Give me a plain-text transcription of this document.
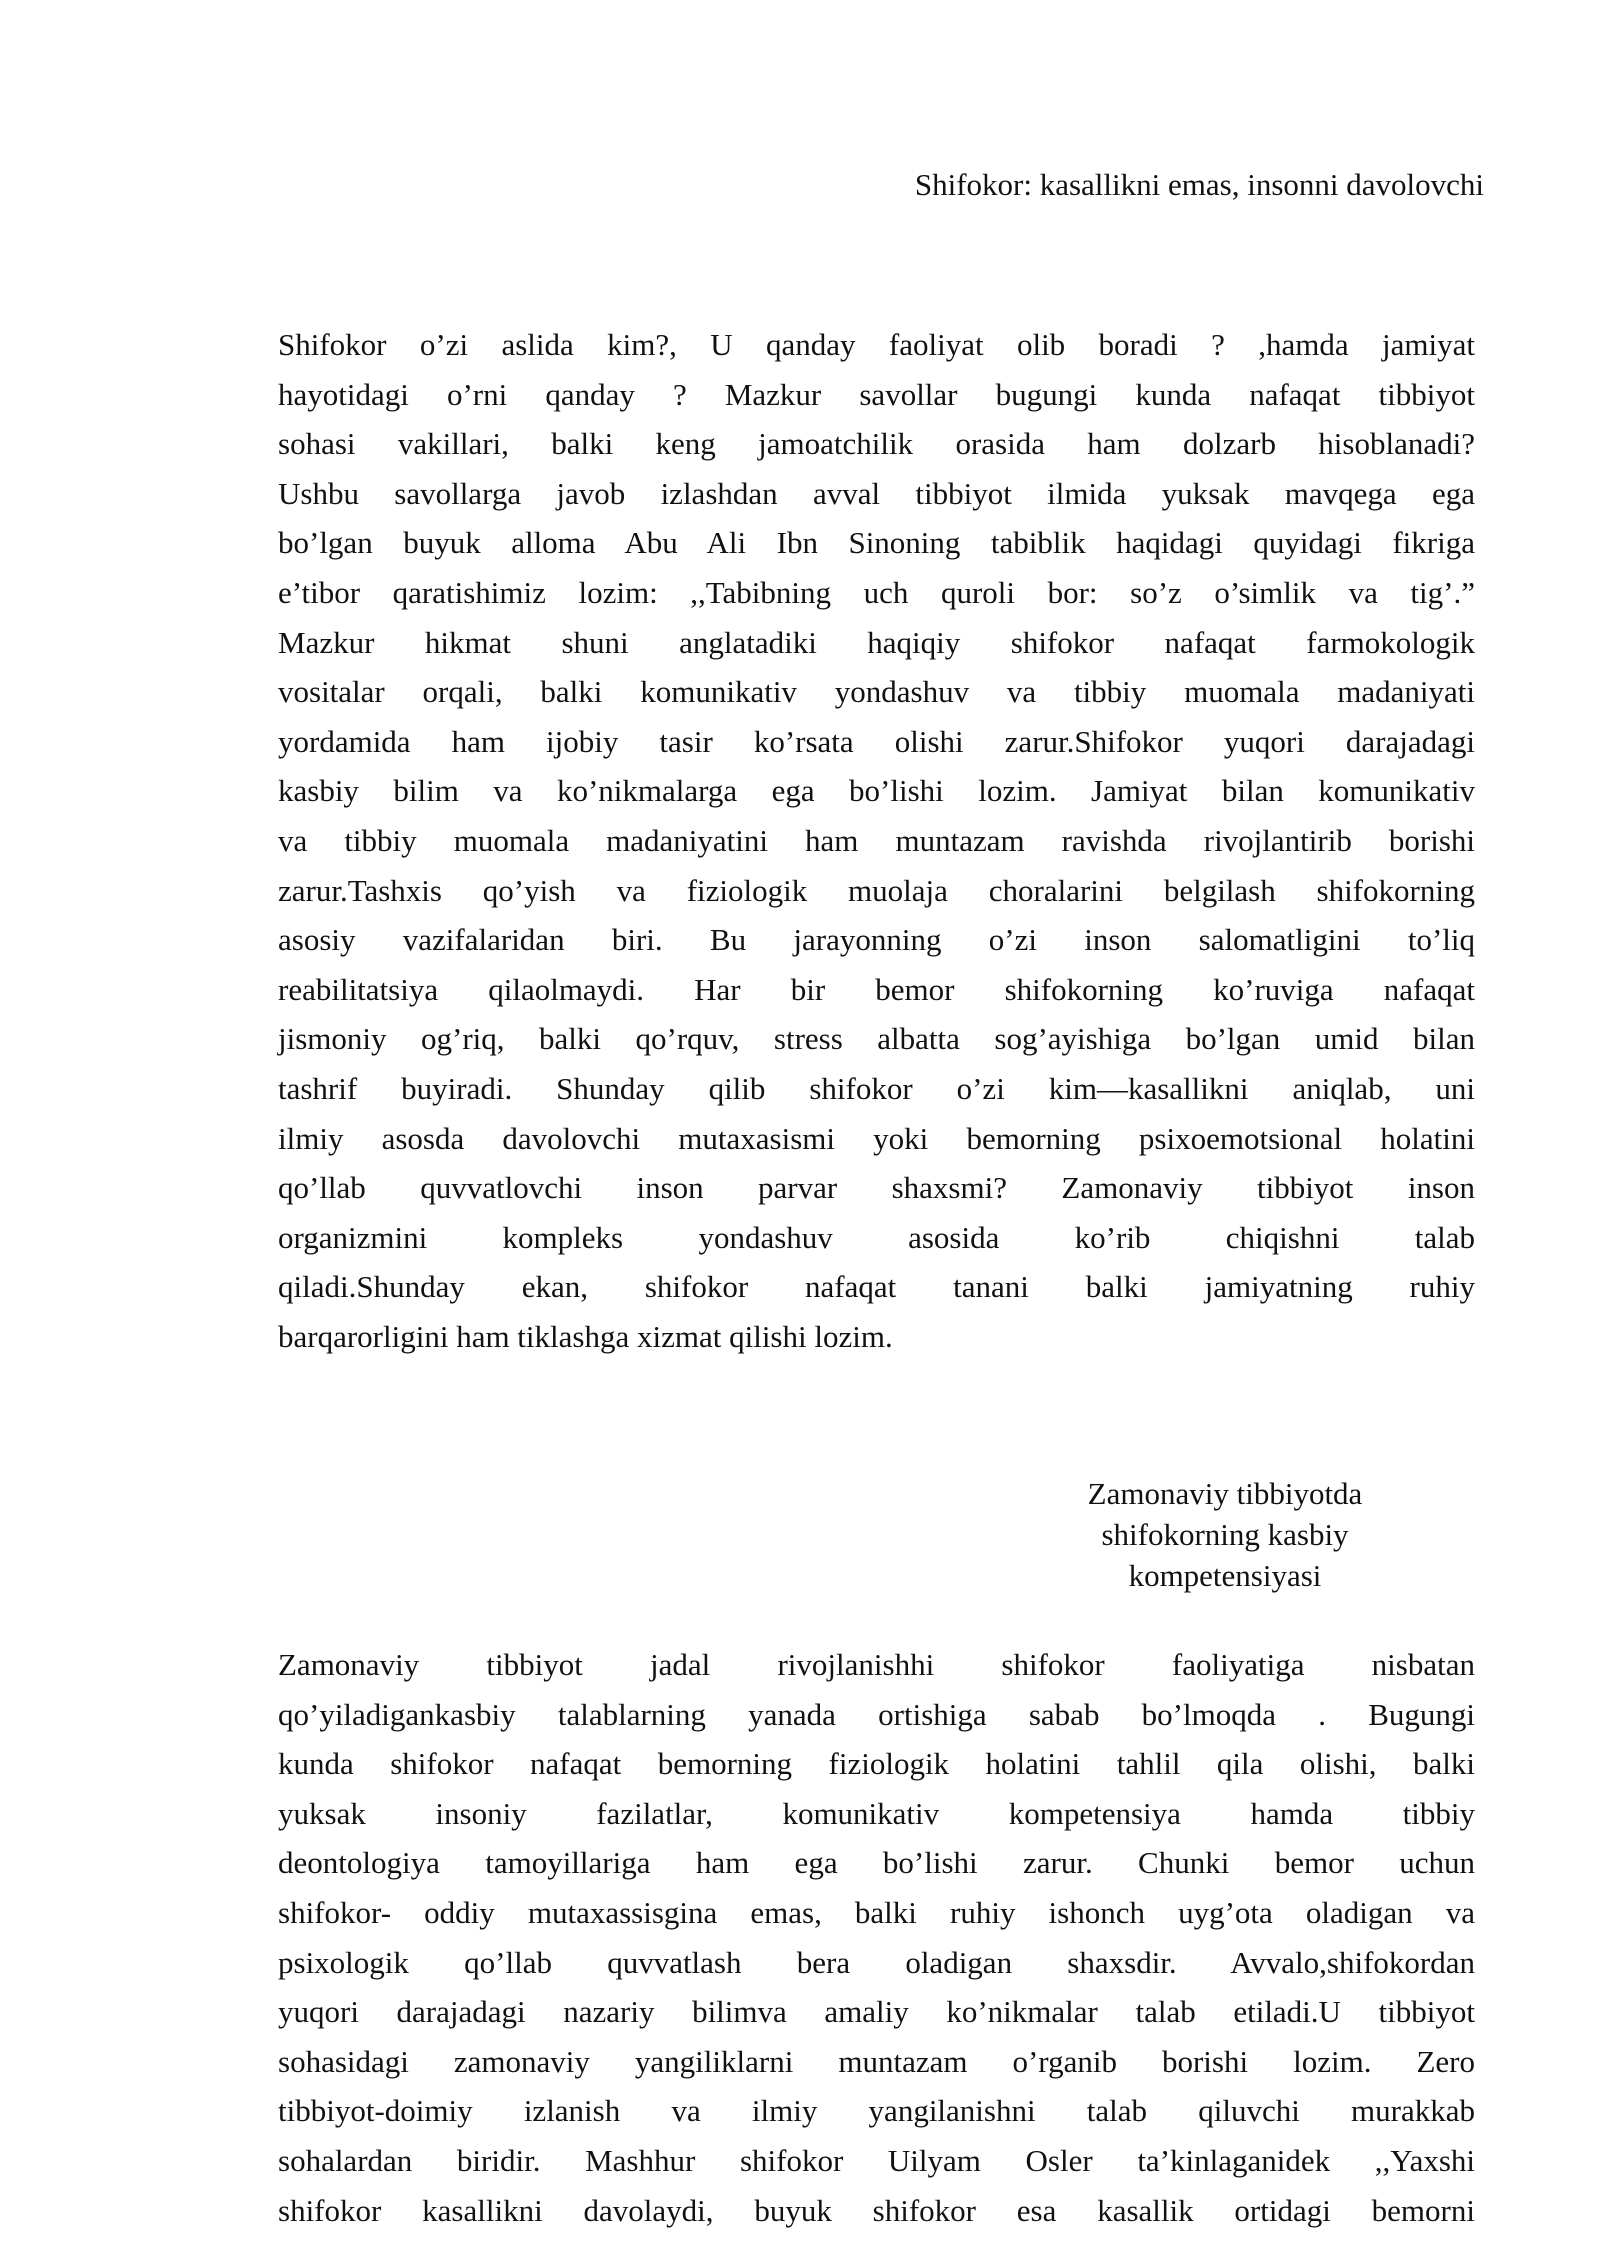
Shifokor: kasallikni emas, insonni davolovchi
Shifokor o’zi aslida kim?, U qanday faoliyat olib boradi ? ,hamda jamiyat
hayotidagi o’rni qanday ? Mazkur savollar bugungi kunda nafaqat tibbiyot
sohasi vakillari, balki keng jamoatchilik orasida ham dolzarb hisoblanadi?
Ushbu savollarga javob izlashdan avval tibbiyot ilmida yuksak mavqega ega
bo’lgan buyuk alloma Abu Ali Ibn Sinoning tabiblik haqidagi quyidagi fikriga
e’tibor qaratishimiz lozim: ,,Tabibning uch quroli bor: so’z o’simlik va tig’.”
Mazkur hikmat shuni anglatadiki haqiqiy shifokor nafaqat farmokologik
vositalar orqali, balki komunikativ yondashuv va tibbiy muomala madaniyati
yordamida ham ijobiy tasir ko’rsata olishi zarur.Shifokor yuqori darajadagi
kasbiy bilim va ko’nikmalarga ega bo’lishi lozim. Jamiyat bilan komunikativ
va tibbiy muomala madaniyatini ham muntazam ravishda rivojlantirib borishi
zarur.Tashxis qo’yish va fiziologik muolaja choralarini belgilash shifokorning
asosiy vazifalaridan biri. Bu jarayonning o’zi inson salomatligini to’liq
reabilitatsiya qilaolmaydi. Har bir bemor shifokorning ko’ruviga nafaqat
jismoniy og’riq, balki qo’rquv, stress albatta sog’ayishiga bo’lgan umid bilan
tashrif buyiradi. Shunday qilib shifokor o’zi kim—kasallikni aniqlab, uni
ilmiy asosda davolovchi mutaxasismi yoki bemorning psixoemotsional holatini
qo’llab quvvatlovchi inson parvar shaxsmi? Zamonaviy tibbiyot inson
organizmini kompleks yondashuv asosida ko’rib chiqishni talab
qiladi.Shunday ekan, shifokor nafaqat tanani balki jamiyatning ruhiy
barqarorligini ham tiklashga xizmat qilishi lozim.
Zamonaviy tibbiyotda
shifokorning kasbiy
kompetensiyasi
Zamonaviy tibbiyot jadal rivojlanishhi shifokor faoliyatiga nisbatan
qo’yiladigankasbiy talablarning yanada ortishiga sabab bo’lmoqda . Bugungi
kunda shifokor nafaqat bemorning fiziologik holatini tahlil qila olishi, balki
yuksak insoniy fazilatlar, komunikativ kompetensiya hamda tibbiy
deontologiya tamoyillariga ham ega bo’lishi zarur. Chunki bemor uchun
shifokor- oddiy mutaxassisgina emas, balki ruhiy ishonch uyg’ota oladigan va
psixologik qo’llab quvvatlash bera oladigan shaxsdir. Avvalo,shifokordan
yuqori darajadagi nazariy bilimva amaliy ko’nikmalar talab etiladi.U tibbiyot
sohasidagi zamonaviy yangiliklarni muntazam o’rganib borishi lozim. Zero
tibbiyot-doimiy izlanish va ilmiy yangilanishni talab qiluvchi murakkab
sohalardan biridir. Mashhur shifokor Uilyam Osler ta’kinlaganidek ,,Yaxshi
shifokor kasallikni davolaydi, buyuk shifokor esa kasallik ortidagi bemorni
